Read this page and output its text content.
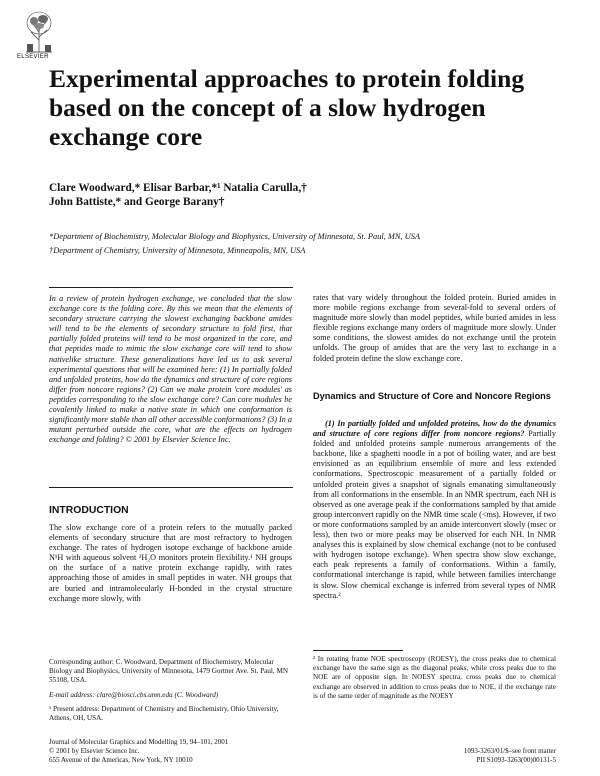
ELSEVIER
Experimental approaches to protein folding based on the concept of a slow hydrogen exchange core
Clare Woodward,* Elisar Barbar,*¹ Natalia Carulla,†
John Battiste,* and George Barany†
*Department of Biochemistry, Molecular Biology and Biophysics, University of Minnesota, St. Paul, MN, USA
†Department of Chemistry, University of Minnesota, Minneapolis, MN, USA

In a review of protein hydrogen exchange, we concluded that the slow exchange core is the folding core. By this we mean that the elements of secondary structure carrying the slowest exchanging backbone amides will tend to be the elements of secondary structure to fold first, that partially folded proteins will tend to be most organized in the core, and that peptides made to mimic the slow exchange core will tend to show nativelike structure. These generalizations have led us to ask several experimental questions that will be examined here: (1) In partially folded and unfolded proteins, how do the dynamics and structure of core regions differ from noncore regions? (2) Can we make protein 'core modules' as peptides corresponding to the slow exchange core? Can core modules be covalently linked to make a native state in which one conformation is significantly more stable than all other accessible conformations? (3) In a mutant perturbed outside the core, what are the effects on hydrogen exchange and folding? © 2001 by Elsevier Science Inc.

INTRODUCTION

The slow exchange core of a protein refers to the mutually packed elements of secondary structure that are most refractory to hydrogen exchange. The rates of hydrogen isotope exchange of backbone amide N¹H with aqueous solvent ²H₂O monitors protein flexibility.¹ NH groups on the surface of a native protein exchange rapidly, with rates approaching those of amides in small peptides in water. NH groups that are buried and intramolecularly H-bonded in the crystal structure exchange more slowly, with

Corresponding author: C. Woodward, Department of Biochemistry, Molecular Biology and Biophysics, University of Minnesota, 1479 Gortner Ave. St. Paul, MN 55108, USA.

E-mail address: clare@biosci.cbs.umn.edu (C. Woodward)

¹ Present address: Department of Chemistry and Biochemistry, Ohio University, Athens, OH, USA.

rates that vary widely throughout the folded protein. Buried amides in more mobile regions exchange from several-fold to several orders of magnitude more slowly than model peptides, while buried amides in less flexible regions exchange many orders of magnitude more slowly. Under some conditions, the slowest amides do not exchange until the protein unfolds. The group of amides that are the very last to exchange in a folded protein define the slow exchange core.

Dynamics and Structure of Core and Noncore Regions

(1) In partially folded and unfolded proteins, how do the dynamics and structure of core regions differ from noncore regions? Partially folded and unfolded proteins sample numerous arrangements of the backbone, like a spaghetti noodle in a pot of boiling water, and are best envisioned as an equilibrium ensemble of more and less extended conformations. Spectroscopic measurement of a partially folded or unfolded protein gives a snapshot of signals emanating simultaneously from all conformations in the ensemble. In an NMR spectrum, each NH is observed as one average peak if the conformations sampled by that amide group interconvert rapidly on the NMR time scale (<ms). However, if two or more conformations sampled by an amide interconvert slowly (msec or less), then two or more peaks may be observed for each NH. In NMR analyses this is explained by slow chemical exchange (not to be confused with hydrogen isotope exchange). When spectra show slow exchange, each peak represents a family of conformations. Within a family, conformational interchange is rapid, while between families interchange is slow. Slow chemical exchange is inferred from several types of NMR spectra.²

² In rotating frame NOE spectroscopy (ROESY), the cross peaks due to chemical exchange have the same sign as the diagonal peaks, while cross peaks due to the NOE are of opposite sign. In NOESY spectra, cross peaks due to chemical exchange are observed in addition to cross peaks due to NOE, if the exchange rate is of the same order of magnitude as the NOESY
Journal of Molecular Graphics and Modelling 19, 94–101, 2001
© 2001 by Elsevier Science Inc.
655 Avenue of the Americas, New York, NY 10010
1093-3263/01/$–see front matter
PII S1093-3263(00)00131-5
